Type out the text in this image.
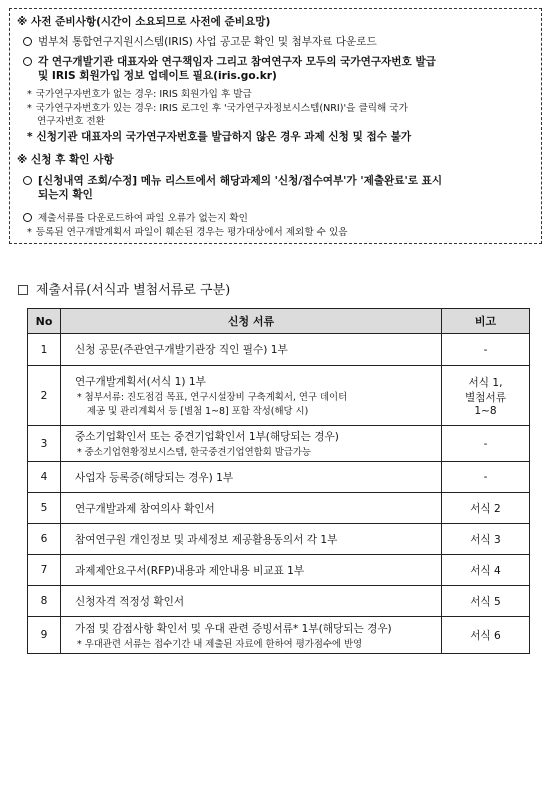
※ 사전 준비사항(시간이 소요되므로 사전에 준비요망)
범부처 통합연구지원시스템(IRIS) 사업 공고문 확인 및 첨부자료 다운로드
각 연구개발기관 대표자와 연구책임자 그리고 참여연구자 모두의 국가연구자번호 발급
및 IRIS 회원가입 정보 업데이트 필요(iris.go.kr)
* 국가연구자번호가 없는 경우: IRIS 회원가입 후 발급
* 국가연구자번호가 있는 경우: IRIS 로그인 후 '국가연구자정보시스템(NRI)'을 클릭해 국가
연구자번호 전환
* 신청기관 대표자의 국가연구자번호를 발급하지 않은 경우 과제 신청 및 접수 불가
※ 신청 후 확인 사항
[신청내역 조회/수정] 메뉴 리스트에서 해당과제의 '신청/접수여부'가 '제출완료'로 표시
되는지 확인
제출서류를 다운로드하여 파일 오류가 없는지 확인
* 등록된 연구개발계획서 파일이 훼손된 경우는 평가대상에서 제외할 수 있음
제출서류(서식과 별첨서류로 구분)
No	신청 서류	비고
1	신청 공문(주관연구개발기관장 직인 필수) 1부	-
2	연구개발계획서(서식 1) 1부
* 첨부서류: 진도점검 목표, 연구시설장비 구축계획서, 연구 데이터
제공 및 관리계획서 등 [별첨 1~8] 포함 작성(해당 시)	서식 1,
별첨서류
1~8

3	중소기업확인서 또는 중견기업확인서 1부(해당되는 경우)
* 중소기업현황정보시스템, 한국중견기업연합회 발급가능	-
4	사업자 등록증(해당되는 경우) 1부	-
5	연구개발과제 참여의사 확인서	서식 2
6	참여연구원 개인정보 및 과세정보 제공활용동의서 각 1부	서식 3
7	과제제안요구서(RFP)내용과 제안내용 비교표 1부	서식 4
8	신청자격 적정성 확인서	서식 5
9	가점 및 감점사항 확인서 및 우대 관련 증빙서류* 1부(해당되는 경우)
* 우대관련 서류는 접수기간 내 제출된 자료에 한하여 평가점수에 반영	서식 6
